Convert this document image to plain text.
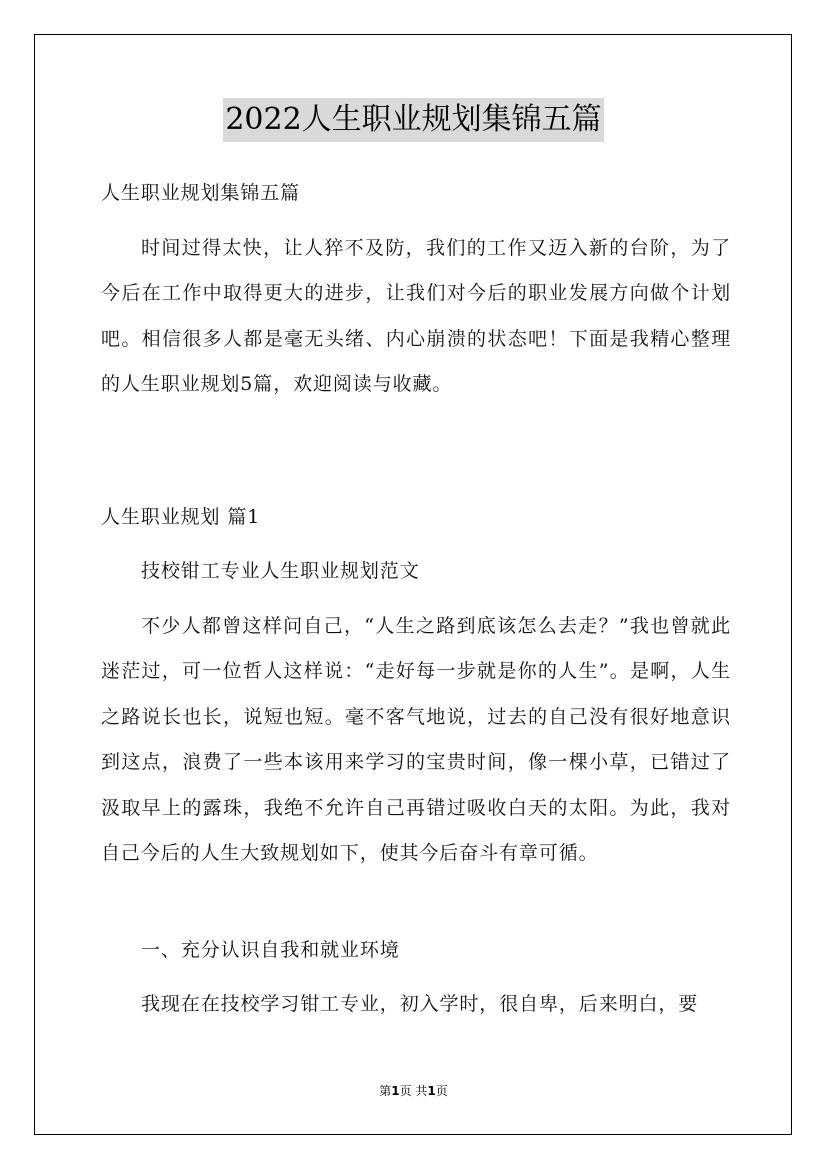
2022人生职业规划集锦五篇
人生职业规划集锦五篇
时间过得太快，让人猝不及防，我们的工作又迈入新的台阶，为了今后在工作中取得更大的进步，让我们对今后的职业发展方向做个计划吧。相信很多人都是毫无头绪、内心崩溃的状态吧！下面是我精心整理的人生职业规划5篇，欢迎阅读与收藏。
人生职业规划 篇1
技校钳工专业人生职业规划范文
不少人都曾这样问自己，“人生之路到底该怎么去走？”我也曾就此迷茫过，可一位哲人这样说：“走好每一步就是你的人生”。是啊，人生之路说长也长，说短也短。毫不客气地说，过去的自己没有很好地意识到这点，浪费了一些本该用来学习的宝贵时间，像一棵小草，已错过了汲取早上的露珠，我绝不允许自己再错过吸收白天的太阳。为此，我对自己今后的人生大致规划如下，使其今后奋斗有章可循。
一、充分认识自我和就业环境
我现在在技校学习钳工专业，初入学时，很自卑，后来明白，要
第1页 共1页
